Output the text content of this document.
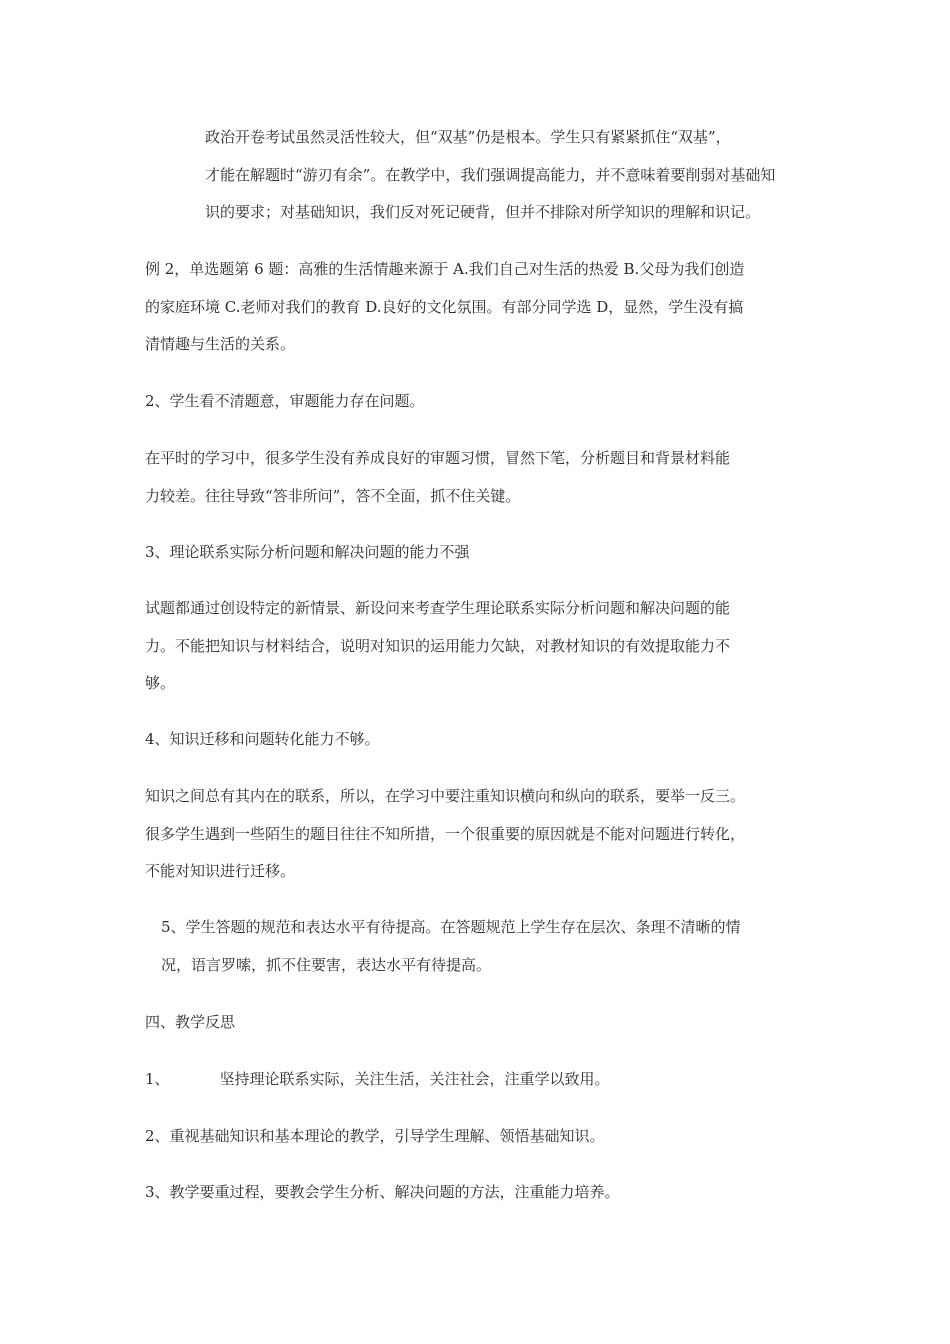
政治开卷考试虽然灵活性较大，但“双基”仍是根本。学生只有紧紧抓住“双基”，
才能在解题时“游刃有余”。在教学中，我们强调提高能力，并不意味着要削弱对基础知
识的要求；对基础知识，我们反对死记硬背，但并不排除对所学知识的理解和识记。
例 2，单选题第 6 题：高雅的生活情趣来源于 A.我们自己对生活的热爱 B.父母为我们创造
的家庭环境 C.老师对我们的教育 D.良好的文化氛围。有部分同学选 D，显然，学生没有搞
清情趣与生活的关系。
2、学生看不清题意，审题能力存在问题。
在平时的学习中，很多学生没有养成良好的审题习惯，冒然下笔，分析题目和背景材料能
力较差。往往导致“答非所问”，答不全面，抓不住关键。
3、理论联系实际分析问题和解决问题的能力不强
试题都通过创设特定的新情景、新设问来考查学生理论联系实际分析问题和解决问题的能
力。不能把知识与材料结合，说明对知识的运用能力欠缺，对教材知识的有效提取能力不
够。
4、知识迁移和问题转化能力不够。
知识之间总有其内在的联系，所以，在学习中要注重知识横向和纵向的联系，要举一反三。
很多学生遇到一些陌生的题目往往不知所措，一个很重要的原因就是不能对问题进行转化，
不能对知识进行迁移。
5、学生答题的规范和表达水平有待提高。在答题规范上学生存在层次、条理不清晰的情
况，语言罗嗦，抓不住要害，表达水平有待提高。
四、教学反思
1、	坚持理论联系实际，关注生活，关注社会，注重学以致用。
2、重视基础知识和基本理论的教学，引导学生理解、领悟基础知识。
3、教学要重过程，要教会学生分析、解决问题的方法，注重能力培养。
